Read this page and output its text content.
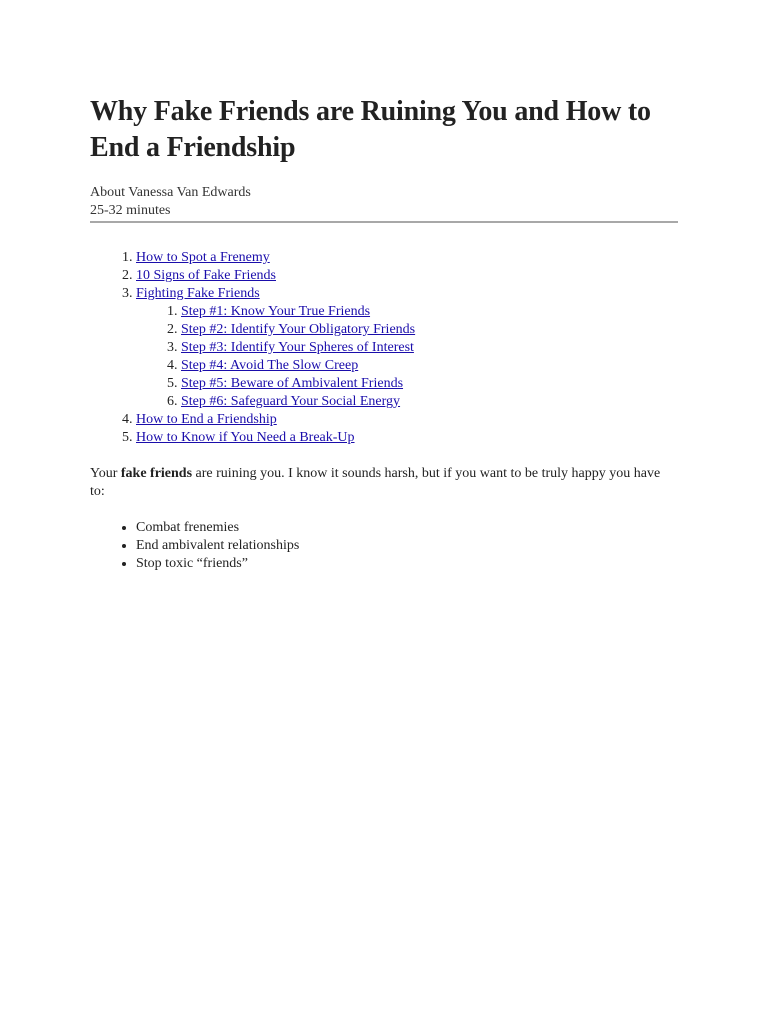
Why Fake Friends are Ruining You and How to End a Friendship
About Vanessa Van Edwards
25-32 minutes
1. How to Spot a Frenemy
2. 10 Signs of Fake Friends
3. Fighting Fake Friends
1. Step #1: Know Your True Friends
2. Step #2: Identify Your Obligatory Friends
3. Step #3: Identify Your Spheres of Interest
4. Step #4: Avoid The Slow Creep
5. Step #5: Beware of Ambivalent Friends
6. Step #6: Safeguard Your Social Energy
4. How to End a Friendship
5. How to Know if You Need a Break-Up

Your fake friends are ruining you. I know it sounds harsh, but if you want to be truly happy you have to:

• Combat frenemies
• End ambivalent relationships
• Stop toxic “friends”
